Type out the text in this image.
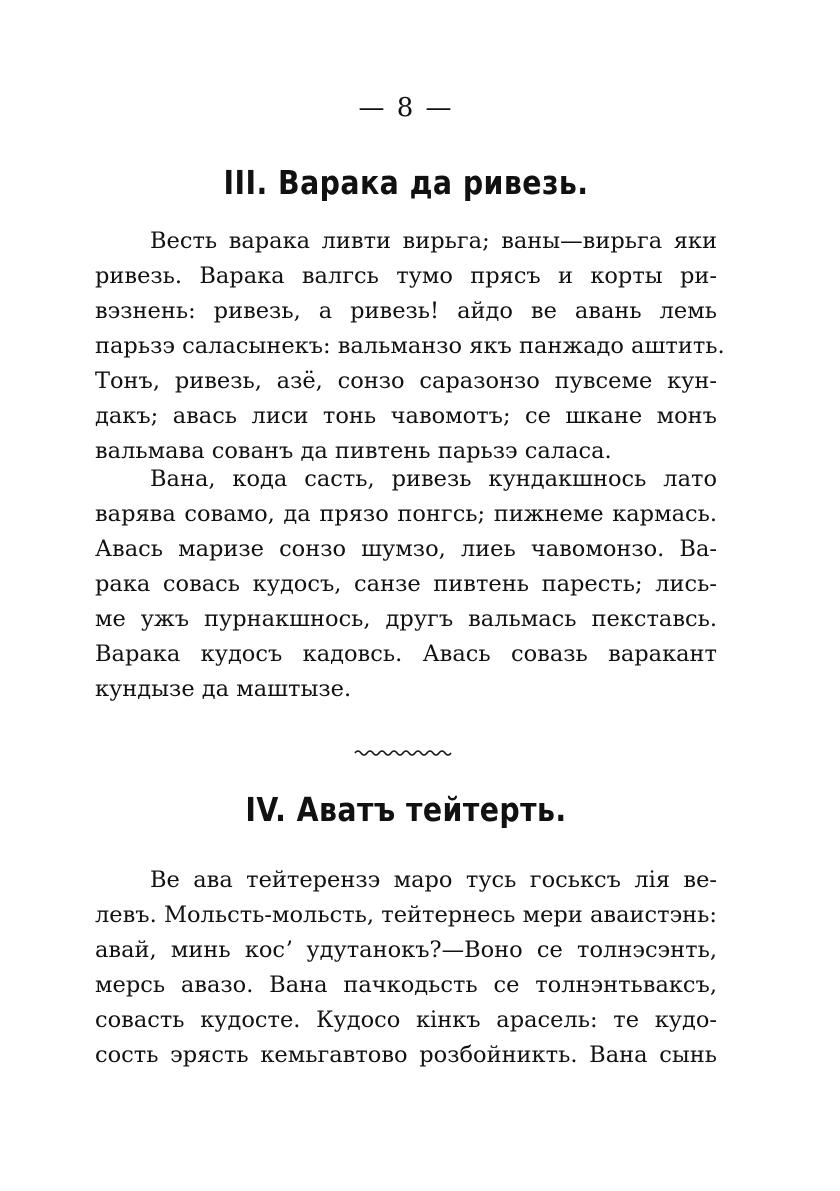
— 8 —
III. Варака да ривезь.
Весть варака ливти вирьга; ваны—вирьга яки
ривезь. Варака валгсь тумо прясъ и корты ри-
вэзнень: ривезь, а ривезь! айдо ве авань лемь
парьзэ саласынекъ: вальманзо якъ панжадо аштить.
Тонъ, ривезь, азё, сонзо саразонзо пувсеме кун-
дакъ; авась лиси тонь чавомотъ; се шкане монъ
вальмава сованъ да пивтень парьзэ саласа.
Вана, кода састь, ривезь кундакшнось лато
варява совамо, да прязо понгсь; пижнеме кармась.
Авась маризе сонзо шумзо, лиеь чавомонзо. Ва-
рака совась кудосъ, санзе пивтень паресть; лись-
ме ужъ пурнакшнось, другъ вальмась пекставсь.
Варака кудосъ кадовсь. Авась совазь варакант
кундызе да маштызе.
IV. Аватъ тейтерть.
Ве ава тейтерензэ маро тусь госькcъ лiя ве-
левъ. Мольсть-мольсть, тейтернесь мери аваистэнь:
авай, минь косʼ удутанокъ?—Воно се толнэсэнть,
мерсь авазо. Вана пачкодьсть се толнэнтьваксъ,
совасть кудосте. Кудосо кiнкъ арасель: те кудо-
сость эрясть кемьгавтово розбойникть. Вана сынь
